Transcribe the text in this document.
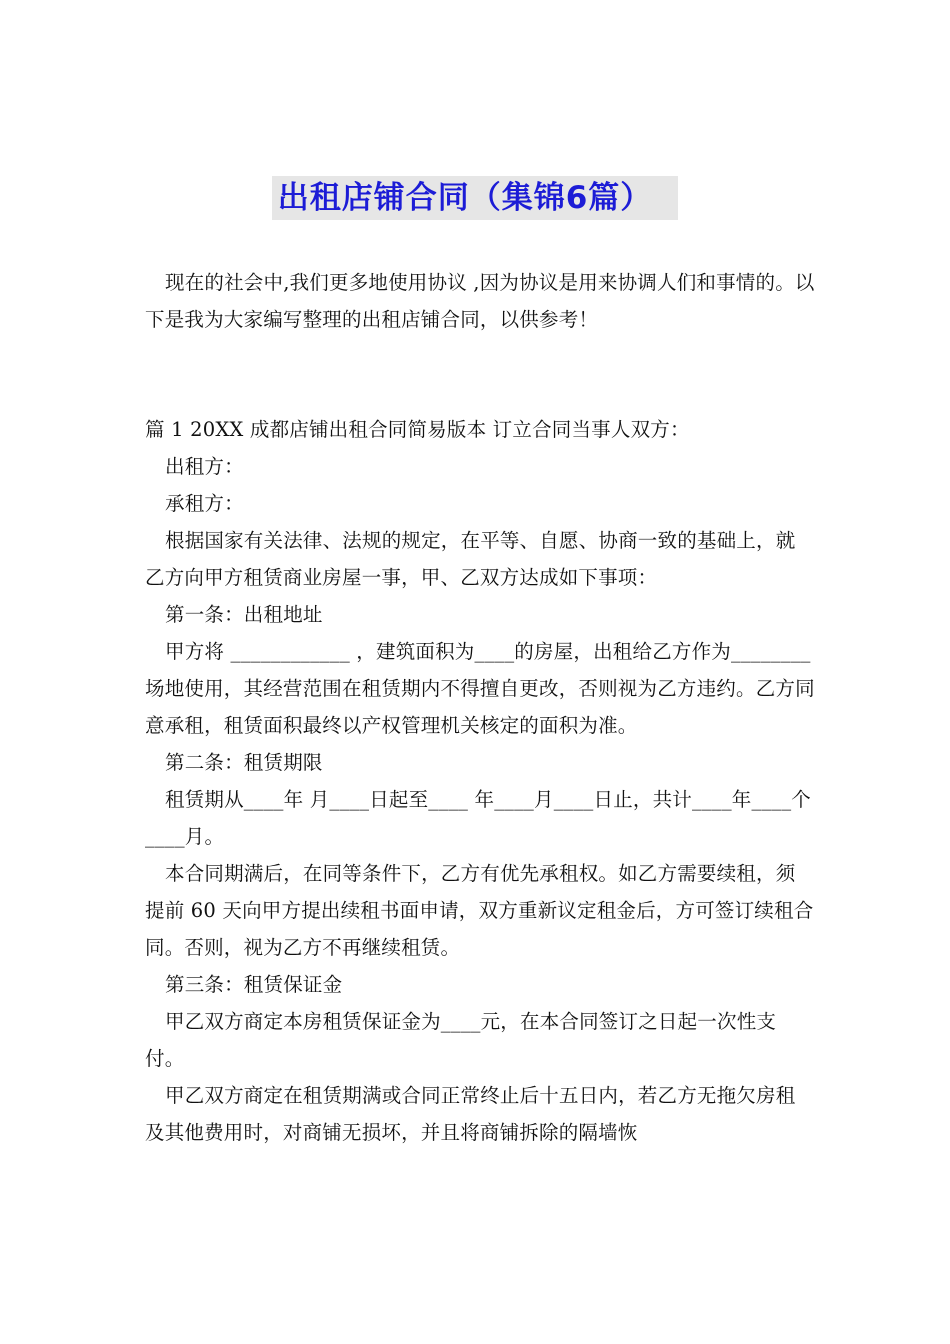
出租店铺合同（集锦6篇）

现在的社会中,我们更多地使用协议 ,因为协议是用来协调人们和事情的。以下是我为大家编写整理的出租店铺合同，以供参考！

篇 1 20XX 成都店铺出租合同简易版本 订立合同当事人双方：

出租方：

承租方：

根据国家有关法律、法规的规定，在平等、自愿、协商一致的基础上，就乙方向甲方租赁商业房屋一事，甲、乙双方达成如下事项：

第一条：出租地址

甲方将 ____________ ，建筑面积为____的房屋，出租给乙方作为________场地使用，其经营范围在租赁期内不得擅自更改，否则视为乙方违约。乙方同意承租，租赁面积最终以产权管理机关核定的面积为准。

第二条：租赁期限

租赁期从____年 月____日起至____ 年____月____日止，共计____年____个____月。

本合同期满后，在同等条件下，乙方有优先承租权。如乙方需要续租，须提前 60 天向甲方提出续租书面申请，双方重新议定租金后，方可签订续租合同。否则，视为乙方不再继续租赁。

第三条：租赁保证金

甲乙双方商定本房租赁保证金为____元，在本合同签订之日起一次性支付。

甲乙双方商定在租赁期满或合同正常终止后十五日内，若乙方无拖欠房租及其他费用时，对商铺无损坏，并且将商铺拆除的隔墙恢
